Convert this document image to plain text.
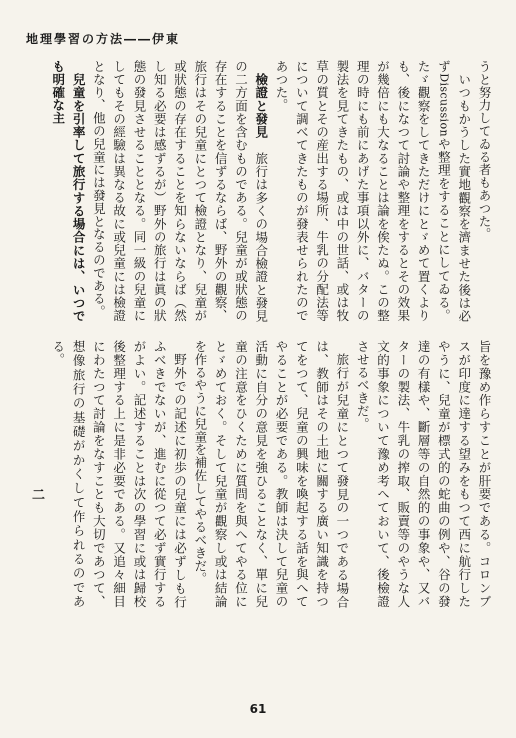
地理學習の方法――伊東

うと努力してゐる者もあつた。

いつもかうした實地觀察を濟ませた後は必ずDiscussionや整理をすることにしてゐる。たゞ觀察をしてきただけにとゞめて置くよりも、後になつて討論や整理をするとその效果が幾倍にも大なることは論を俟たぬ。この整理の時にも前にあげた事項以外に、バターの製法を見てきたもの、或は中の世話、或は牧草の質とその産出する場所、牛乳の分配法等について調べてきたものが發表せられたのであつた。

檢證と發見　旅行は多くの場合檢證と發見の二方面を含むものである。兒童が或狀態の存在することを信ずるならば、野外の觀察、旅行はその兒童にとつて檢證となり、兒童が或狀態の存在することを知らないならば（然し知る必要は感ずるが）野外の旅行は眞の狀態の發見させることとなる。同一級の兒童にしてもその經驗は異なる故に或兒童には檢證となり、他の兒童には發見となるのである。

兒童を引率して旅行する場合には、いつでも明確な主

旨を豫め作らすことが肝要である。コロンブスが印度に達する望みをもつて西に航行したやうに、兒童が標式的の蛇曲の例や、谷の發達の有樣や、斷層等の自然的の事象や、又バターの製法、牛乳の搾取、販賣等のやうな人文的事象について豫め考へておいて、後檢證させるべきだ。

旅行が兒童にとつて發見の一つである場合は、教師はその土地に關する廣い知識を持つてをつて、兒童の興味を喚起する話を與へてやることが必要である。教師は決して兒童の活動に自分の意見を強ひることなく、單に兒童の注意をひくために質問を與へてやる位にとゞめておく。そして兒童が觀察し或は結論を作るやうに兒童を補佐してやるべきだ。

野外での記述に初歩の兒童には必ずしも行ふべきでないが、進むに從つて必ず實行するがよい。記述することは次の學習に或は歸校後整理する上に是非必要である。又追々細目にわたつて討論をなすことも大切であつて、想像旅行の基礎がかくして作られるのである。

二
61
